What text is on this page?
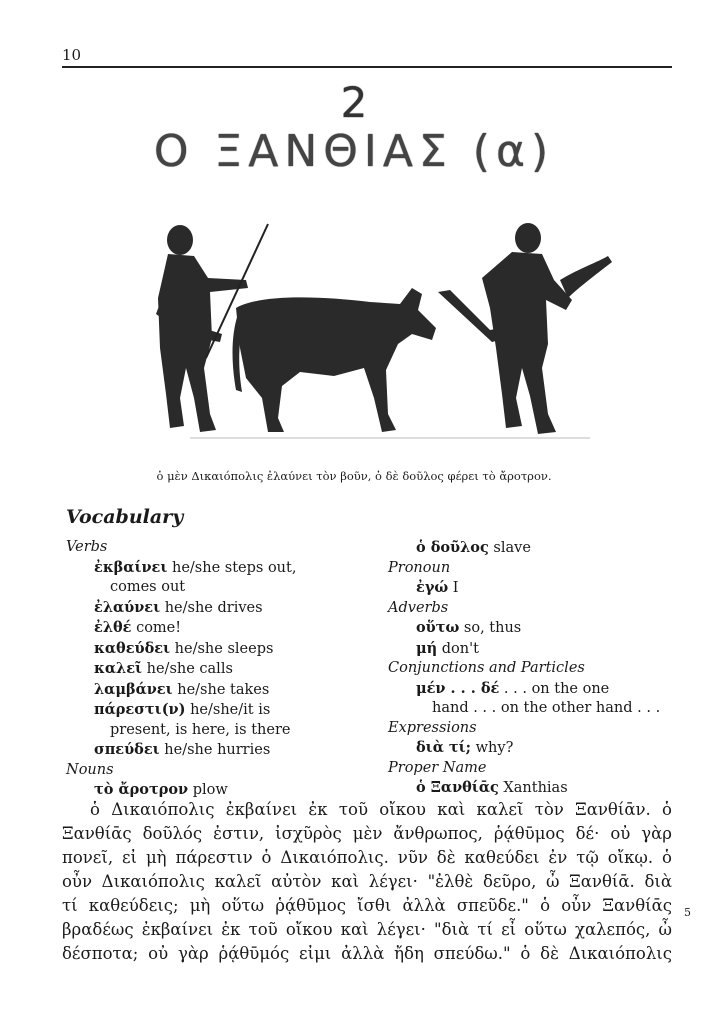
10
2
Ο ΞΑΝΘΙΑΣ (α)
ὁ μὲν Δικαιόπολις ἐλαύνει τὸν βοῦν, ὁ δὲ δοῦλος φέρει τὸ ἄροτρον.
Vocabulary
Verbs
ἐκβαίνει he/she steps out,
comes out
ἐλαύνει he/she drives
ἐλθέ come!
καθεύδει he/she sleeps
καλεῖ he/she calls
λαμβάνει he/she takes
πάρεστι(ν) he/she/it is
present, is here, is there
σπεύδει he/she hurries
Nouns
τὸ ἄροτρον plow
ὁ δοῦλος slave
Pronoun
ἐγώ I
Adverbs
οὕτω so, thus
μή don't
Conjunctions and Particles
μέν . . . δέ . . . on the one
hand . . . on the other hand . . .
Expressions
διὰ τί; why?
Proper Name
ὁ Ξανθίᾱς Xanthias

ὁ Δικαιόπολις ἐκβαίνει ἐκ τοῦ οἴκου καὶ καλεῖ τὸν Ξανθίᾱν. ὁ

Ξανθίᾱς δοῦλός ἐστιν, ἰσχῦρὸς μὲν ἄνθρωπος, ῥᾴθῡμος δέ· οὐ γὰρ

πονεῖ, εἰ μὴ πάρεστιν ὁ Δικαιόπολις. νῦν δὲ καθεύδει ἐν τῷ οἴκῳ. ὁ

οὖν Δικαιόπολις καλεῖ αὐτὸν καὶ λέγει· "ἐλθὲ δεῦρο, ὦ Ξανθίᾱ. διὰ

τί καθεύδεις; μὴ οὕτω ῥᾴθῡμος ἴσθι ἀλλὰ σπεῦδε." ὁ οὖν Ξανθίᾱς

βραδέως ἐκβαίνει ἐκ τοῦ οἴκου καὶ λέγει· "διὰ τί εἶ οὕτω χαλεπός, ὦ

δέσποτα; οὐ γὰρ ῥᾴθῡμός εἰμι ἀλλὰ ἤδη σπεύδω." ὁ δὲ Δικαιόπολις

5
